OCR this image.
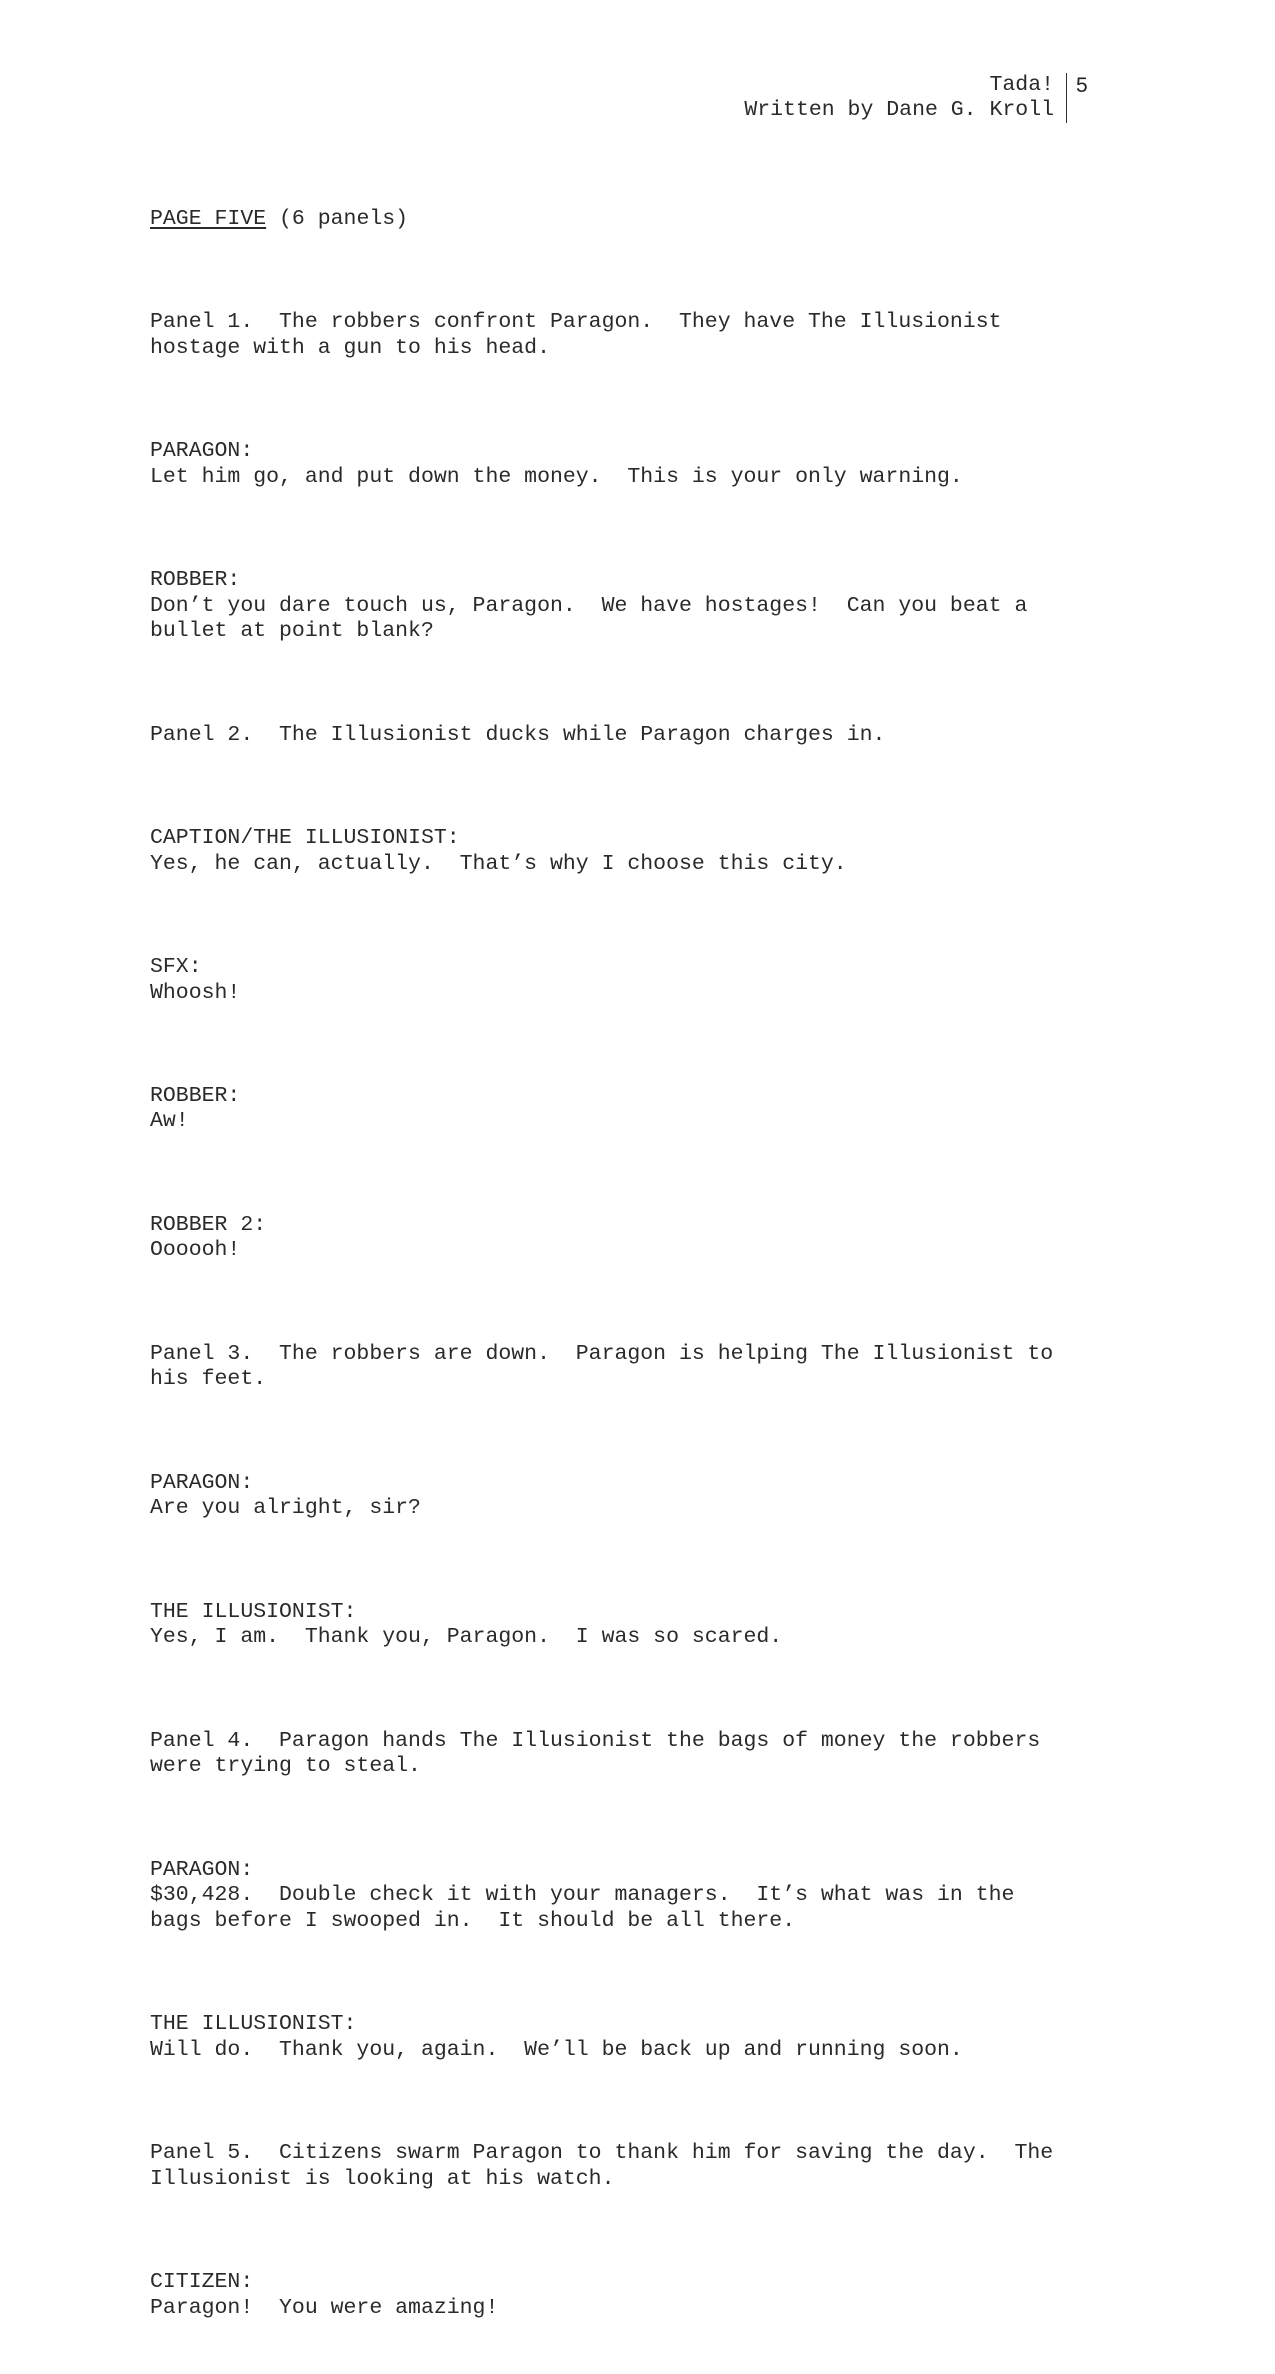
Tada!
Written by Dane G. Kroll
5

PAGE FIVE (6 panels)

Panel 1.  The robbers confront Paragon.  They have The Illusionist
hostage with a gun to his head.

PARAGON:
Let him go, and put down the money.  This is your only warning.

ROBBER:
Don’t you dare touch us, Paragon.  We have hostages!  Can you beat a
bullet at point blank?

Panel 2.  The Illusionist ducks while Paragon charges in.

CAPTION/THE ILLUSIONIST:
Yes, he can, actually.  That’s why I choose this city.

SFX:
Whoosh!

ROBBER:
Aw!

ROBBER 2:
Oooooh!

Panel 3.  The robbers are down.  Paragon is helping The Illusionist to
his feet.

PARAGON:
Are you alright, sir?

THE ILLUSIONIST:
Yes, I am.  Thank you, Paragon.  I was so scared.

Panel 4.  Paragon hands The Illusionist the bags of money the robbers
were trying to steal.

PARAGON:
$30,428.  Double check it with your managers.  It’s what was in the
bags before I swooped in.  It should be all there.

THE ILLUSIONIST:
Will do.  Thank you, again.  We’ll be back up and running soon.

Panel 5.  Citizens swarm Paragon to thank him for saving the day.  The
Illusionist is looking at his watch.

CITIZEN:
Paragon!  You were amazing!
